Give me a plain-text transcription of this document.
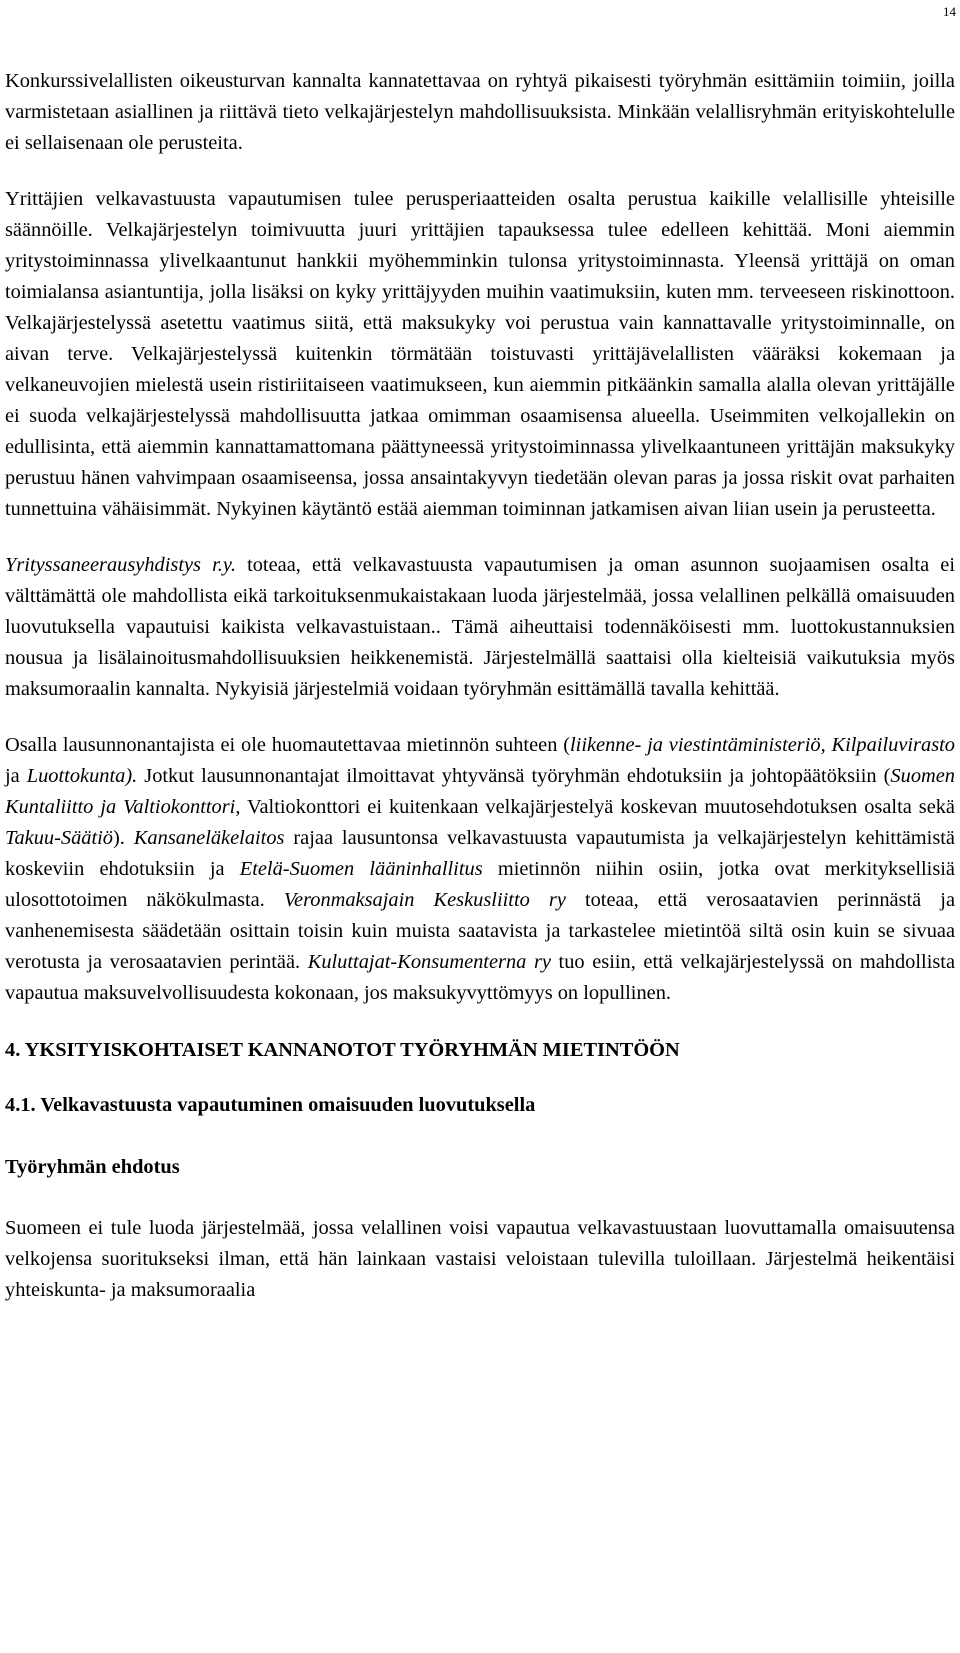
14

Konkurssivelallisten oikeusturvan kannalta kannatettavaa on ryhtyä pikaisesti työryhmän esittämiin toimiin, joilla varmistetaan asiallinen ja riittävä tieto velkajärjestelyn mahdollisuuksista. Minkään velallisryhmän erityiskohtelulle ei sellaisenaan ole perusteita.

Yrittäjien velkavastuusta vapautumisen tulee perusperiaatteiden osalta perustua kaikille velallisille yhteisille säännöille. Velkajärjestelyn toimivuutta juuri yrittäjien tapauksessa tulee edelleen kehittää. Moni aiemmin yritystoiminnassa ylivelkaantunut hankkii myöhemminkin tulonsa yritystoiminnasta. Yleensä yrittäjä on oman toimialansa asiantuntija, jolla lisäksi on kyky yrittäjyyden muihin vaatimuksiin, kuten mm. terveeseen riskinottoon. Velkajärjestelyssä asetettu vaatimus siitä, että maksukyky voi perustua vain kannattavalle yritystoiminnalle, on aivan terve. Velkajärjestelyssä kuitenkin törmätään toistuvasti yrittäjävelallisten vääräksi kokemaan ja velkaneuvojien mielestä usein ristiriitaiseen vaatimukseen, kun aiemmin pitkäänkin samalla alalla olevan yrittäjälle ei suoda velkajärjestelyssä mahdollisuutta jatkaa omimman osaamisensa alueella. Useimmiten velkojallekin on edullisinta, että aiemmin kannattamattomana päättyneessä yritystoiminnassa ylivelkaantuneen yrittäjän maksukyky perustuu hänen vahvimpaan osaamiseensa, jossa ansaintakyvyn tiedetään olevan paras ja jossa riskit ovat parhaiten tunnettuina vähäisimmät. Nykyinen käytäntö estää aiemman toiminnan jatkamisen aivan liian usein ja perusteetta.

Yrityssaneerausyhdistys r.y. toteaa, että velkavastuusta vapautumisen ja oman asunnon suojaamisen osalta ei välttämättä ole mahdollista eikä tarkoituksenmukaistakaan luoda järjestelmää, jossa velallinen pelkällä omaisuuden luovutuksella vapautuisi kaikista velkavastuistaan.. Tämä aiheuttaisi todennäköisesti mm. luottokustannuksien nousua ja lisälainoitusmahdollisuuksien heikkenemistä. Järjestelmällä saattaisi olla kielteisiä vaikutuksia myös maksumoraalin kannalta. Nykyisiä järjestelmiä voidaan työryhmän esittämällä tavalla kehittää.

Osalla lausunnonantajista ei ole huomautettavaa mietinnön suhteen (liikenne- ja viestintäministeriö, Kilpailuvirasto ja Luottokunta). Jotkut lausunnonantajat ilmoittavat yhtyvänsä työryhmän ehdotuksiin ja johtopäätöksiin (Suomen Kuntaliitto ja Valtiokonttori, Valtiokonttori ei kuitenkaan velkajärjestelyä koskevan muutosehdotuksen osalta sekä Takuu-Säätiö). Kansaneläkelaitos rajaa lausuntonsa velkavastuusta vapautumista ja velkajärjestelyn kehittämistä koskeviin ehdotuksiin ja Etelä-Suomen lääninhallitus mietinnön niihin osiin, jotka ovat merkityksellisiä ulosottotoimen näkökulmasta. Veronmaksajain Keskusliitto ry toteaa, että verosaatavien perinnästä ja vanhenemisesta säädetään osittain toisin kuin muista saatavista ja tarkastelee mietintöä siltä osin kuin se sivuaa verotusta ja verosaatavien perintää. Kuluttajat-Konsumenterna ry tuo esiin, että velkajärjestelyssä on mahdollista vapautua maksuvelvollisuudesta kokonaan, jos maksukyvyttömyys on lopullinen.

4. YKSITYISKOHTAISET KANNANOTOT TYÖRYHMÄN MIETINTÖÖN
4.1. Velkavastuusta vapautuminen omaisuuden luovutuksella
Työryhmän ehdotus

Suomeen ei tule luoda järjestelmää, jossa velallinen voisi vapautua velkavastuustaan luovuttamalla omaisuutensa velkojensa suoritukseksi ilman, että hän lainkaan vastaisi veloistaan tulevilla tuloillaan. Järjestelmä heikentäisi yhteiskunta- ja maksumoraalia
